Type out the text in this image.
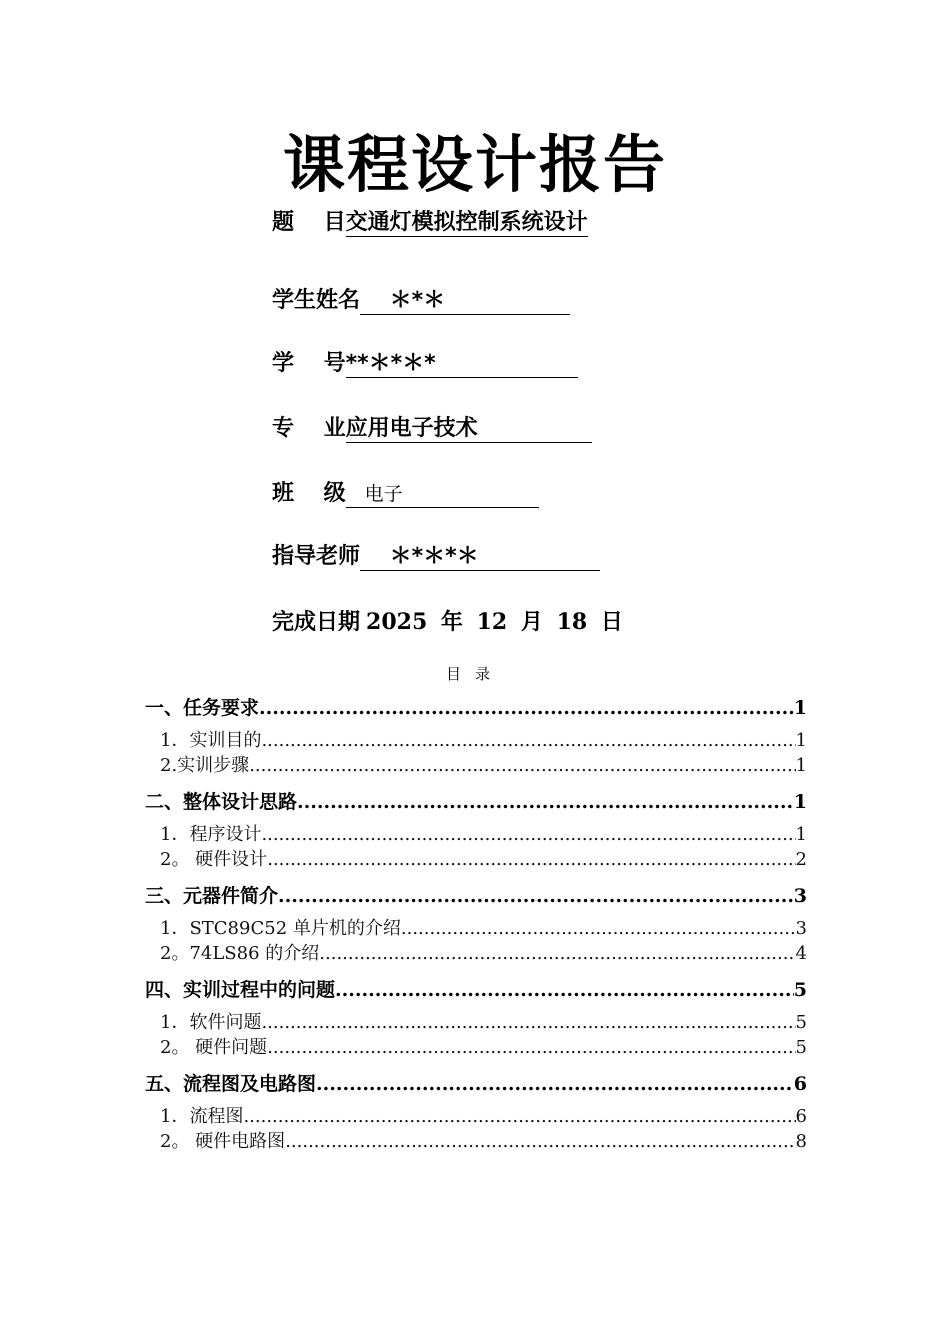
课程设计报告
题　 目交通灯模拟控制系统设计
学生姓名　 ＊*＊　　　　　　
学　 号**＊*＊*　　　　　　
专　 业应用电子技术　　　
班　 级　电子　　　　　　
指导老师　 ＊*＊*＊　　　　　
完成日期 2025 年 12 月 18 日
目录
一、任务要求 .....	1
1．实训目的 .....	1
2.实训步骤 .....	1
二、整体设计思路 .....	1
1．程序设计 .....	1
2。 硬件设计 .....	2
三、元器件简介 .....	3
1．STC89C52 单片机的介绍 .....	3
2。74LS86 的介绍 .....	4
四、实训过程中的问题 .....	5
1．软件问题 .....	5
2。 硬件问题 .....	5
五、流程图及电路图 .....	6
1．流程图 .....	6
2。 硬件电路图 .....	8
